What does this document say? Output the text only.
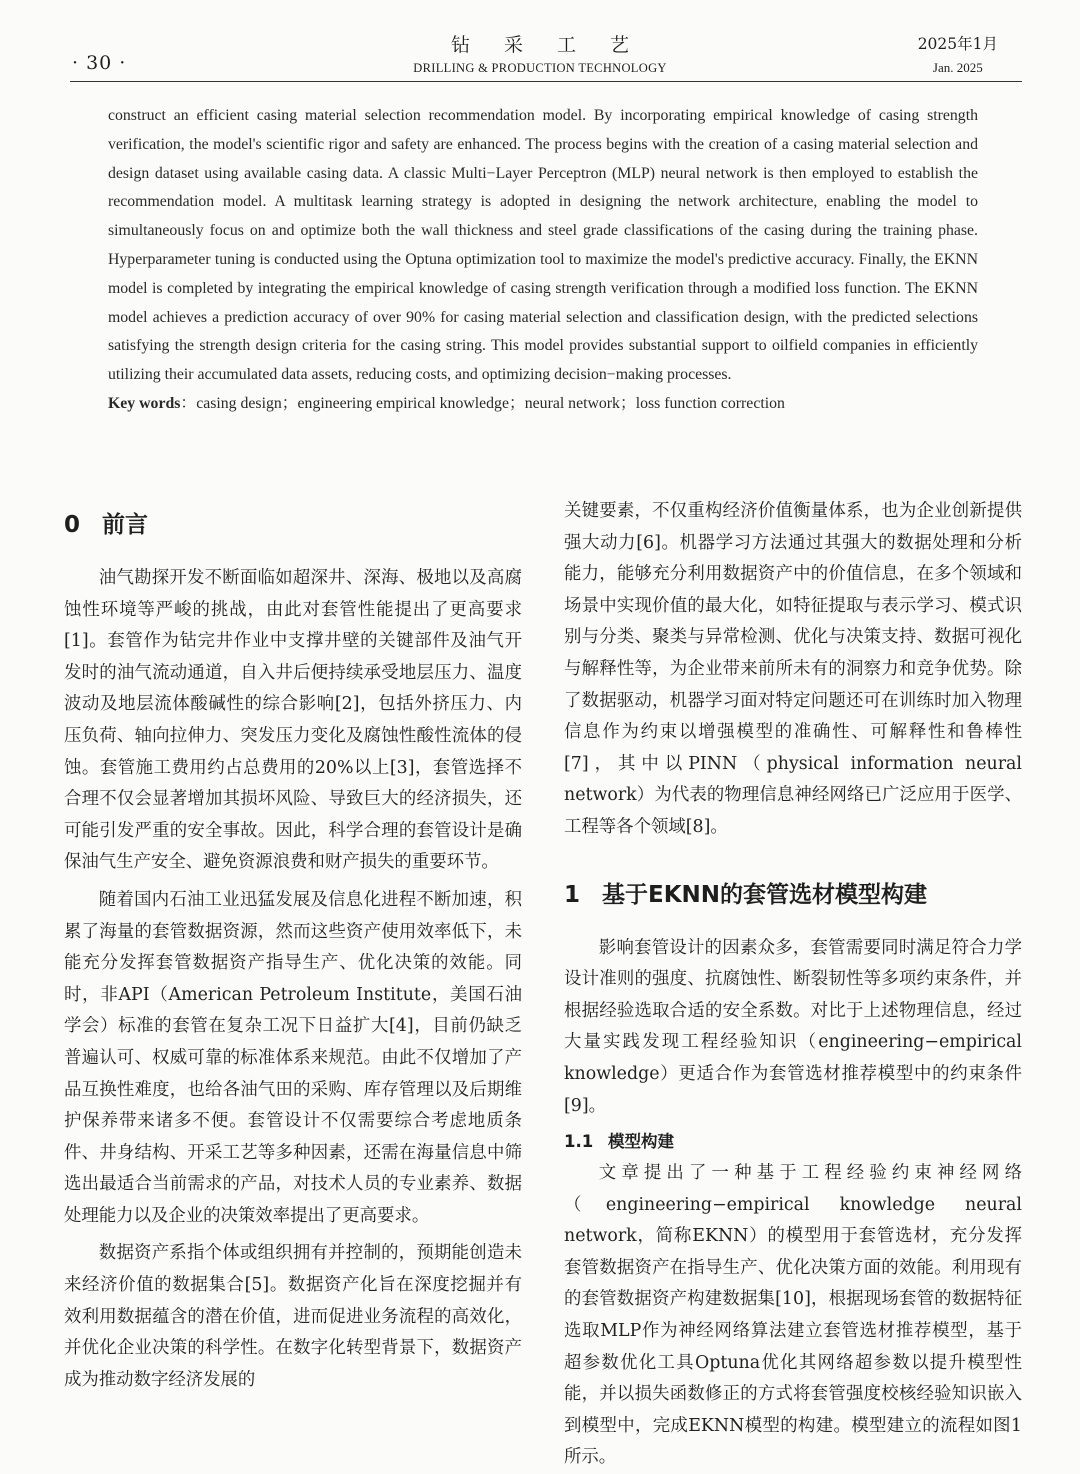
· 30 ·
钻采工艺
DRILLING & PRODUCTION TECHNOLOGY
2025年1月
Jan. 2025
construct an efficient casing material selection recommendation model. By incorporating empirical knowledge of casing strength verification, the model's scientific rigor and safety are enhanced. The process begins with the creation of a casing material selection and design dataset using available casing data. A classic Multi−Layer Perceptron (MLP) neural network is then employed to establish the recommendation model. A multitask learning strategy is adopted in designing the network architecture, enabling the model to simultaneously focus on and optimize both the wall thickness and steel grade classifications of the casing during the training phase. Hyperparameter tuning is conducted using the Optuna optimization tool to maximize the model's predictive accuracy. Finally, the EKNN model is completed by integrating the empirical knowledge of casing strength verification through a modified loss function. The EKNN model achieves a prediction accuracy of over 90% for casing material selection and classification design, with the predicted selections satisfying the strength design criteria for the casing string. This model provides substantial support to oilfield companies in efficiently utilizing their accumulated data assets, reducing costs, and optimizing decision−making processes.
Key words：casing design；engineering empirical knowledge；neural network；loss function correction
0 前言

油气勘探开发不断面临如超深井、深海、极地以及高腐蚀性环境等严峻的挑战，由此对套管性能提出了更高要求[1]。套管作为钻完井作业中支撑井壁的关键部件及油气开发时的油气流动通道，自入井后便持续承受地层压力、温度波动及地层流体酸碱性的综合影响[2]，包括外挤压力、内压负荷、轴向拉伸力、突发压力变化及腐蚀性酸性流体的侵蚀。套管施工费用约占总费用的20%以上[3]，套管选择不合理不仅会显著增加其损坏风险、导致巨大的经济损失，还可能引发严重的安全事故。因此，科学合理的套管设计是确保油气生产安全、避免资源浪费和财产损失的重要环节。

随着国内石油工业迅猛发展及信息化进程不断加速，积累了海量的套管数据资源，然而这些资产使用效率低下，未能充分发挥套管数据资产指导生产、优化决策的效能。同时，非API（American Petroleum Institute，美国石油学会）标准的套管在复杂工况下日益扩大[4]，目前仍缺乏普遍认可、权威可靠的标准体系来规范。由此不仅增加了产品互换性难度，也给各油气田的采购、库存管理以及后期维护保养带来诸多不便。套管设计不仅需要综合考虑地质条件、井身结构、开采工艺等多种因素，还需在海量信息中筛选出最适合当前需求的产品，对技术人员的专业素养、数据处理能力以及企业的决策效率提出了更高要求。

数据资产系指个体或组织拥有并控制的，预期能创造未来经济价值的数据集合[5]。数据资产化旨在深度挖掘并有效利用数据蕴含的潜在价值，进而促进业务流程的高效化，并优化企业决策的科学性。在数字化转型背景下，数据资产成为推动数字经济发展的

关键要素，不仅重构经济价值衡量体系，也为企业创新提供强大动力[6]。机器学习方法通过其强大的数据处理和分析能力，能够充分利用数据资产中的价值信息，在多个领域和场景中实现价值的最大化，如特征提取与表示学习、模式识别与分类、聚类与异常检测、优化与决策支持、数据可视化与解释性等，为企业带来前所未有的洞察力和竞争优势。除了数据驱动，机器学习面对特定问题还可在训练时加入物理信息作为约束以增强模型的准确性、可解释性和鲁棒性[7]，其中以PINN（physical information neural network）为代表的物理信息神经网络已广泛应用于医学、工程等各个领域[8]。

1 基于EKNN的套管选材模型构建

影响套管设计的因素众多，套管需要同时满足符合力学设计准则的强度、抗腐蚀性、断裂韧性等多项约束条件，并根据经验选取合适的安全系数。对比于上述物理信息，经过大量实践发现工程经验知识（engineering−empirical knowledge）更适合作为套管选材推荐模型中的约束条件[9]。

1.1 模型构建

文章提出了一种基于工程经验约束神经网络（engineering−empirical knowledge neural network，简称EKNN）的模型用于套管选材，充分发挥套管数据资产在指导生产、优化决策方面的效能。利用现有的套管数据资产构建数据集[10]，根据现场套管的数据特征选取MLP作为神经网络算法建立套管选材推荐模型，基于超参数优化工具Optuna优化其网络超参数以提升模型性能，并以损失函数修正的方式将套管强度校核经验知识嵌入到模型中，完成EKNN模型的构建。模型建立的流程如图1所示。
